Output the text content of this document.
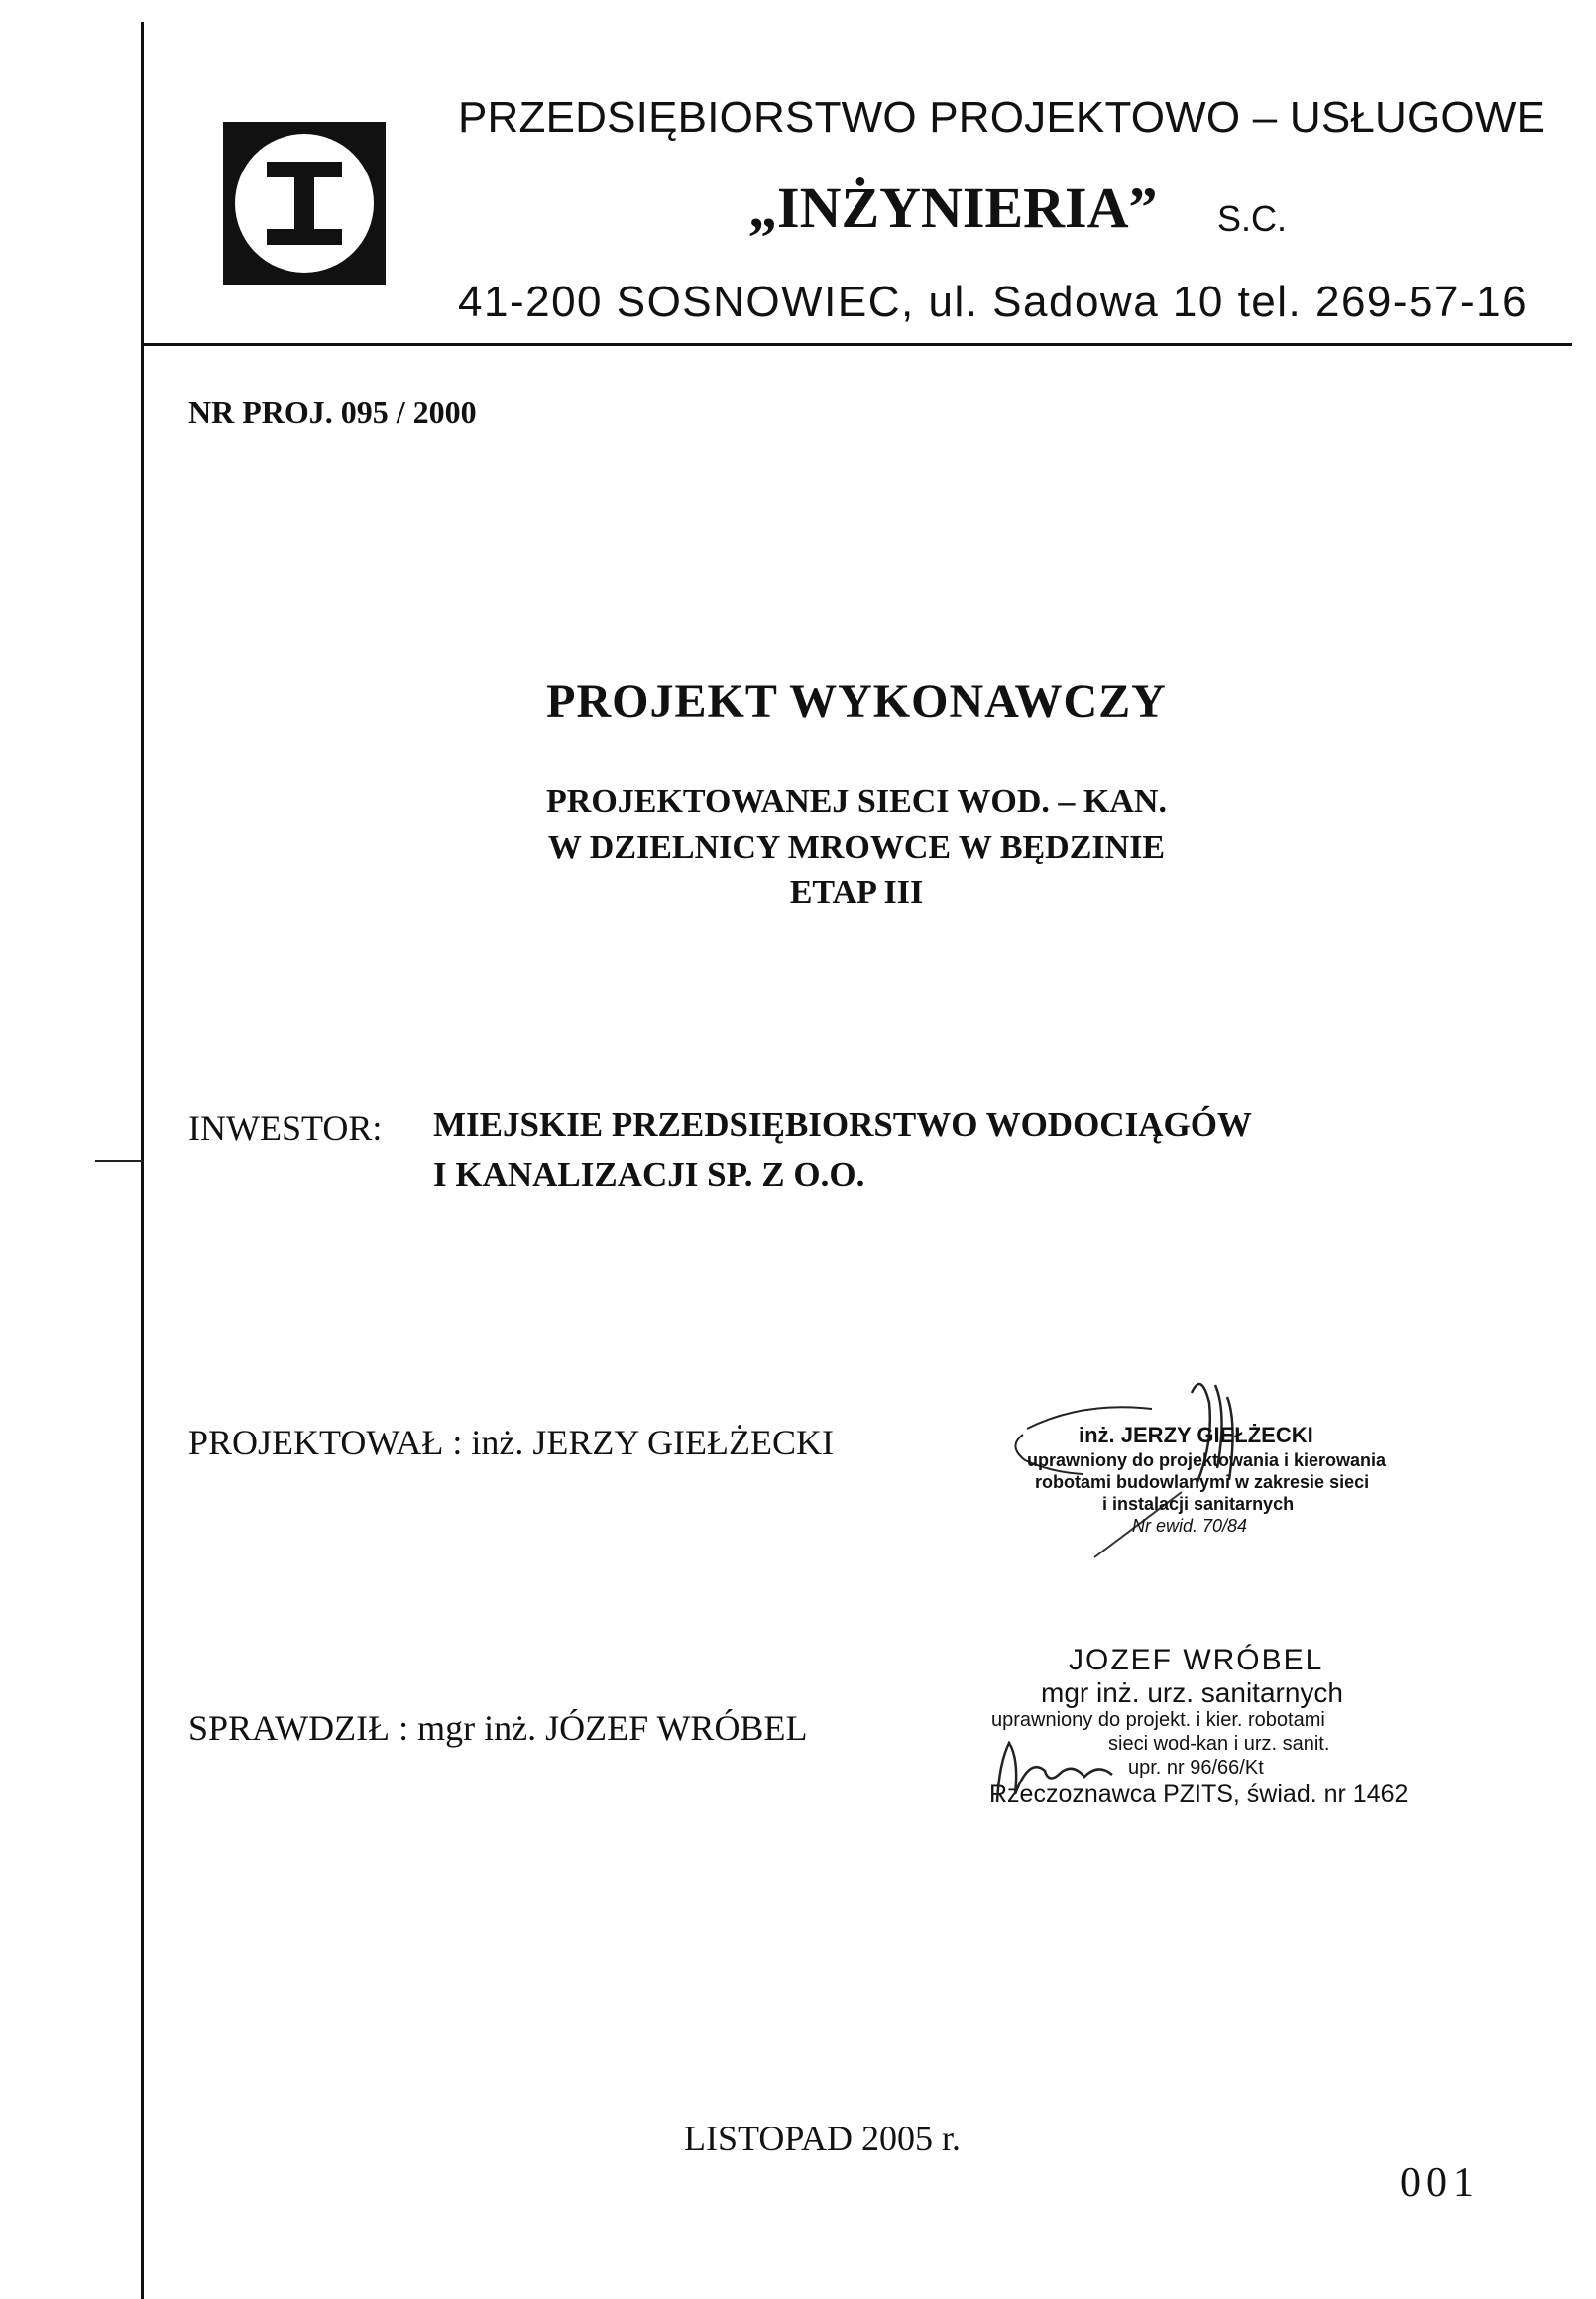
PRZEDSIĘBIORSTWO PROJEKTOWO – USŁUGOWE
„INŻYNIERIA” S.C.
41-200 SOSNOWIEC, ul. Sadowa 10 tel. 269-57-16
NR PROJ. 095 / 2000
PROJEKT WYKONAWCZY
PROJEKTOWANEJ SIECI WOD. – KAN.
W DZIELNICY MROWCE W BĘDZINIE
ETAP III
INWESTOR: MIEJSKIE PRZEDSIĘBIORSTWO WODOCIĄGÓW
I KANALIZACJI SP. Z O.O.
PROJEKTOWAŁ : inż. JERZY GIEŁŻECKI	inż. JERZY GIEŁŻECKI
uprawniony do projektowania i kierowania
robotami budowlanymi w zakresie sieci
i instalacji sanitarnych
Nr ewid. 70/84
SPRAWDZIŁ : mgr inż. JÓZEF WRÓBEL
JOZEF WRÓBEL
mgr inż. urz. sanitarnych
uprawniony do projekt. i kier. robotami
sieci wod-kan i urz. sanit.
upr. nr 96/66/Kt
Rzeczoznawca PZITS, świad. nr 1462
LISTOPAD 2005 r.
001
